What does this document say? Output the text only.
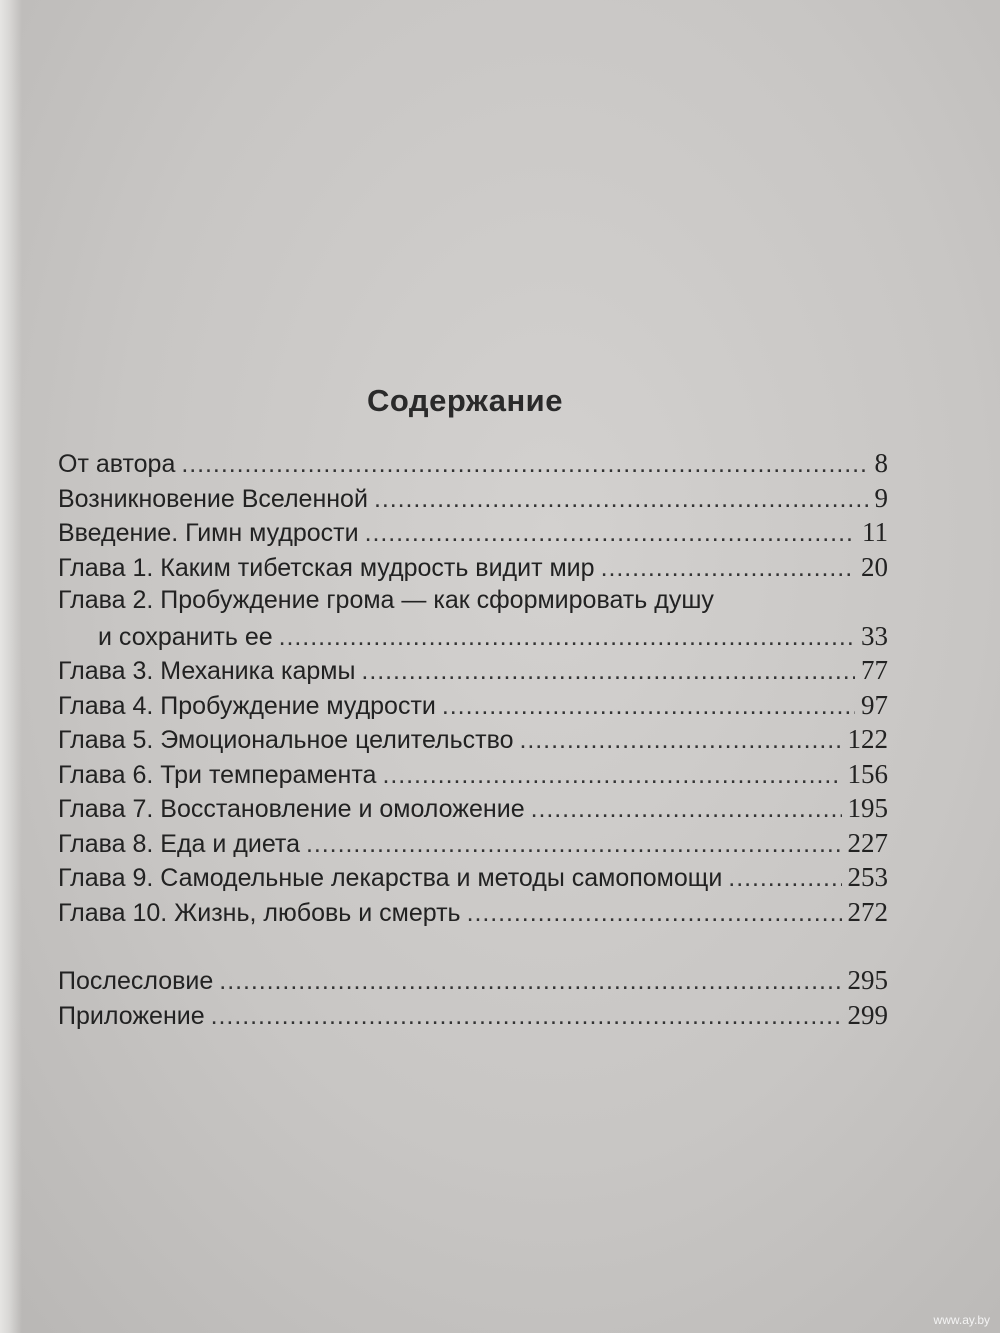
Содержание
От автора . . .	8
Возникновение Вселенной . . .	9
Введение. Гимн мудрости . . .	11
Глава 1. Каким тибетская мудрость видит мир . . .	20
Глава 2. Пробуждение грома — как сформировать душу
и сохранить ее . . .	33
Глава 3. Механика кармы . . .	77
Глава 4. Пробуждение мудрости . . .	97
Глава 5. Эмоциональное целительство . . .	122
Глава 6. Три темперамента . . .	156
Глава 7. Восстановление и омоложение . . .	195
Глава 8. Еда и диета . . .	227
Глава 9. Самодельные лекарства и методы самопомощи . . .	253
Глава 10. Жизнь, любовь и смерть . . .	272
Послесловие . . .	295
Приложение . . .	299
www.ay.by
